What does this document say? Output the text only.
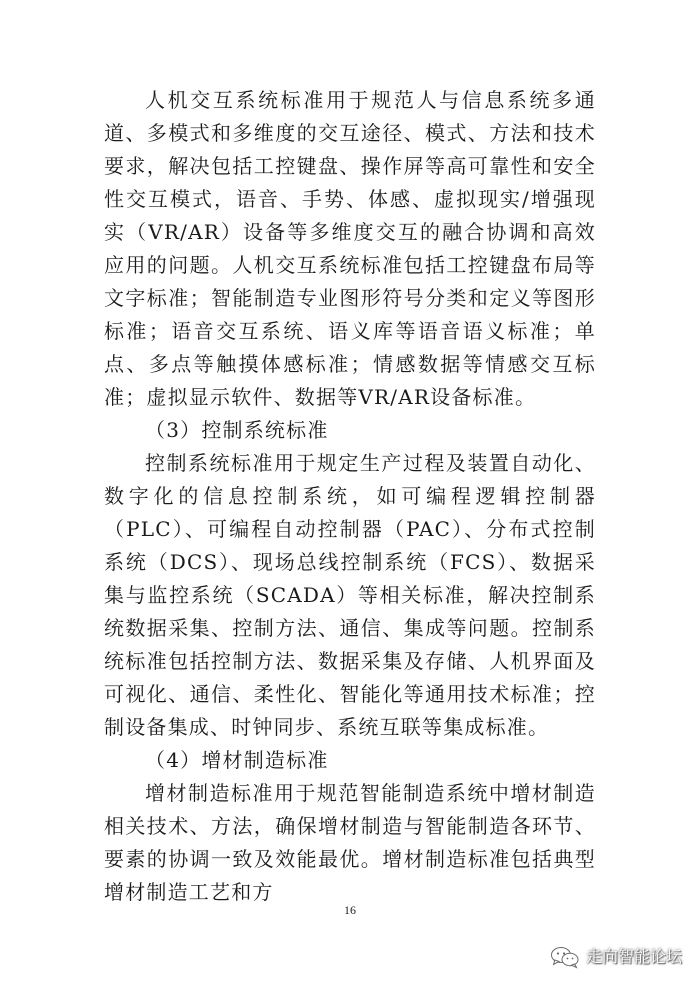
人机交互系统标准用于规范人与信息系统多通道、多模式和多维度的交互途径、模式、方法和技术要求，解决包括工控键盘、操作屏等高可靠性和安全性交互模式，语音、手势、体感、虚拟现实/增强现实（VR/AR）设备等多维度交互的融合协调和高效应用的问题。人机交互系统标准包括工控键盘布局等文字标准；智能制造专业图形符号分类和定义等图形标准；语音交互系统、语义库等语音语义标准；单点、多点等触摸体感标准；情感数据等情感交互标准；虚拟显示软件、数据等VR/AR设备标准。

（3）控制系统标准

控制系统标准用于规定生产过程及装置自动化、数字化的信息控制系统，如可编程逻辑控制器（PLC）、可编程自动控制器（PAC）、分布式控制系统（DCS）、现场总线控制系统（FCS）、数据采集与监控系统（SCADA）等相关标准，解决控制系统数据采集、控制方法、通信、集成等问题。控制系统标准包括控制方法、数据采集及存储、人机界面及可视化、通信、柔性化、智能化等通用技术标准；控制设备集成、时钟同步、系统互联等集成标准。

（4）增材制造标准

增材制造标准用于规范智能制造系统中增材制造相关技术、方法，确保增材制造与智能制造各环节、要素的协调一致及效能最优。增材制造标准包括典型增材制造工艺和方

16
走向智能论坛
